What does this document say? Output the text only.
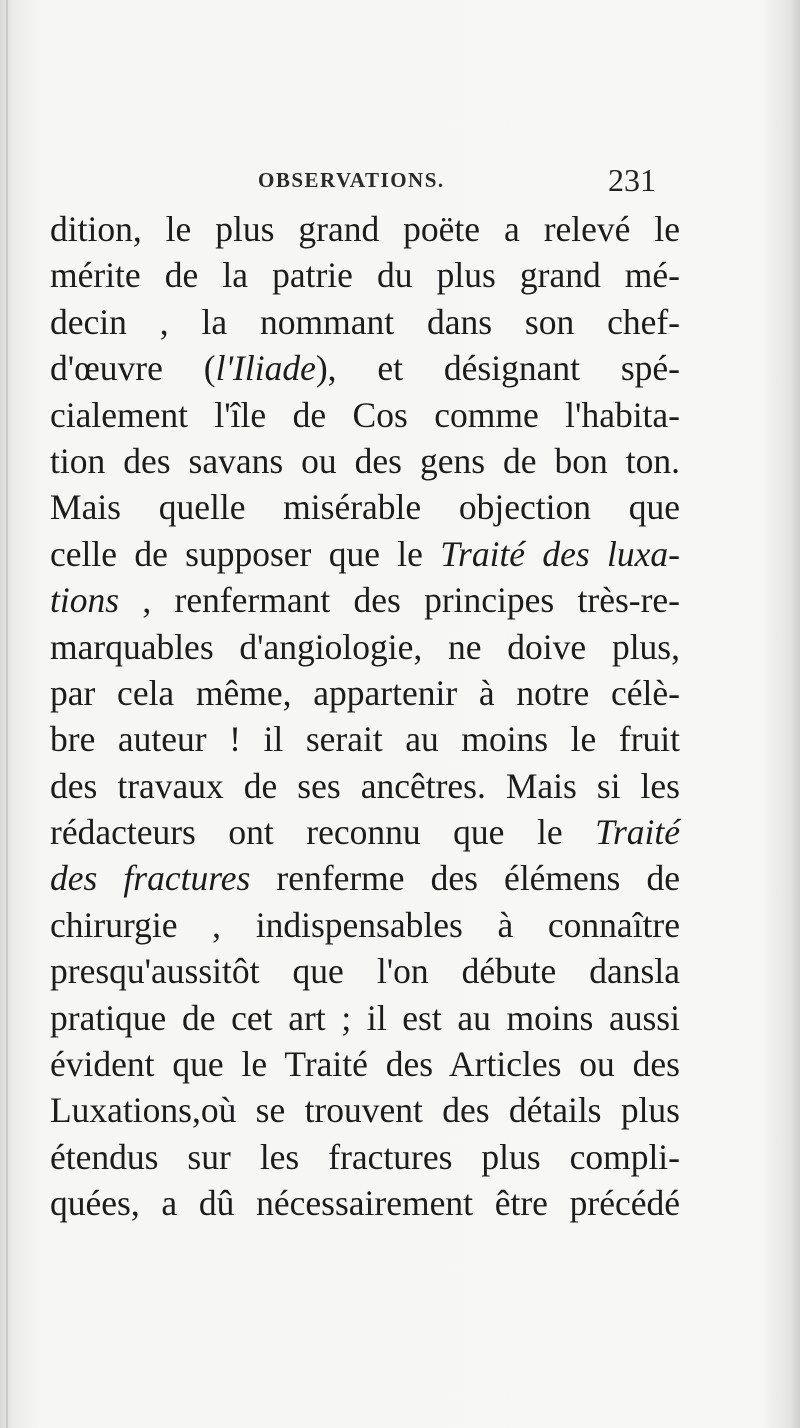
OBSERVATIONS.	231
dition, le plus grand poëte a relevé le
mérite de la patrie du plus grand mé-
decin , la nommant dans son chef-
d'œuvre (l'Iliade), et désignant spé-
cialement l'île de Cos comme l'habita-
tion des savans ou des gens de bon ton.
Mais quelle misérable objection que
celle de supposer que le Traité des luxa-
tions , renfermant des principes très-re-
marquables d'angiologie, ne doive plus,
par cela même, appartenir à notre célè-
bre auteur ! il serait au moins le fruit
des travaux de ses ancêtres. Mais si les
rédacteurs ont reconnu que le Traité
des fractures renferme des élémens de
chirurgie , indispensables à connaître
presqu'aussitôt que l'on débute dansla
pratique de cet art ; il est au moins aussi
évident que le Traité des Articles ou des
Luxations,où se trouvent des détails plus
étendus sur les fractures plus compli-
quées, a dû nécessairement être précédé
